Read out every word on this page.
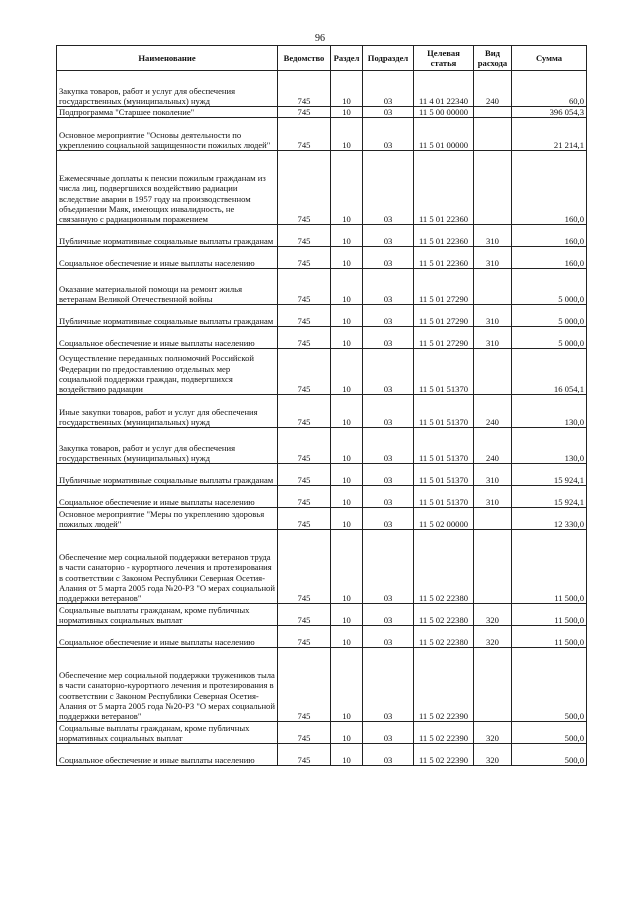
96
Наименование	Ведомство	Раздел	Подраздел	Целевая статья	Вид расхода	Сумма
Закупка товаров, работ и услуг для обеспечения государственных (муниципальных) нужд	745	10	03	11 4 01 22340	240	60,0
Подпрограмма "Старшее поколение"	745	10	03	11 5 00 00000		396 054,3
Основное мероприятие "Основы деятельности по укреплению социальной защищенности пожилых людей"	745	10	03	11 5 01 00000		21 214,1
Ежемесячные доплаты к пенсии пожилым гражданам из числа лиц, подвергшихся воздействию радиации вследствие аварии в 1957 году на производственном объединении Маяк, имеющих инвалидность, не связанную с радиационным поражением	745	10	03	11 5 01 22360		160,0
Публичные нормативные социальные выплаты гражданам	745	10	03	11 5 01 22360	310	160,0
Социальное обеспечение и иные выплаты населению	745	10	03	11 5 01 22360	310	160,0
Оказание материальной помощи на ремонт жилья ветеранам Великой Отечественной войны	745	10	03	11 5 01 27290		5 000,0
Публичные нормативные социальные выплаты гражданам	745	10	03	11 5 01 27290	310	5 000,0
Социальное обеспечение и иные выплаты населению	745	10	03	11 5 01 27290	310	5 000,0
Осуществление переданных полномочий Российской Федерации по предоставлению отдельных мер социальной поддержки граждан, подвергшихся воздействию радиации	745	10	03	11 5 01 51370		16 054,1
Иные закупки товаров, работ и услуг для обеспечения государственных (муниципальных) нужд	745	10	03	11 5 01 51370	240	130,0
Закупка товаров, работ и услуг для обеспечения государственных (муниципальных) нужд	745	10	03	11 5 01 51370	240	130,0
Публичные нормативные социальные выплаты гражданам	745	10	03	11 5 01 51370	310	15 924,1
Социальное обеспечение и иные выплаты населению	745	10	03	11 5 01 51370	310	15 924,1
Основное мероприятие "Меры по укреплению здоровья пожилых людей"	745	10	03	11 5 02 00000		12 330,0
Обеспечение мер социальной поддержки ветеранов труда в части санаторно - курортного лечения и протезирования в соответствии с Законом Республики Северная Осетия-Алания от 5 марта 2005 года №20-РЗ "О мерах социальной поддержки ветеранов"	745	10	03	11 5 02 22380		11 500,0
Социальные выплаты гражданам, кроме публичных нормативных социальных выплат	745	10	03	11 5 02 22380	320	11 500,0
Социальное обеспечение и иные выплаты населению	745	10	03	11 5 02 22380	320	11 500,0
Обеспечение мер социальной поддержки тружеников тыла в части санаторно-курортного лечения и протезирования в соответствии с Законом Республики Северная Осетия-Алания от 5 марта 2005 года №20-РЗ "О мерах социальной поддержки ветеранов"	745	10	03	11 5 02 22390		500,0
Социальные выплаты гражданам, кроме публичных нормативных социальных выплат	745	10	03	11 5 02 22390	320	500,0
Социальное обеспечение и иные выплаты населению	745	10	03	11 5 02 22390	320	500,0
